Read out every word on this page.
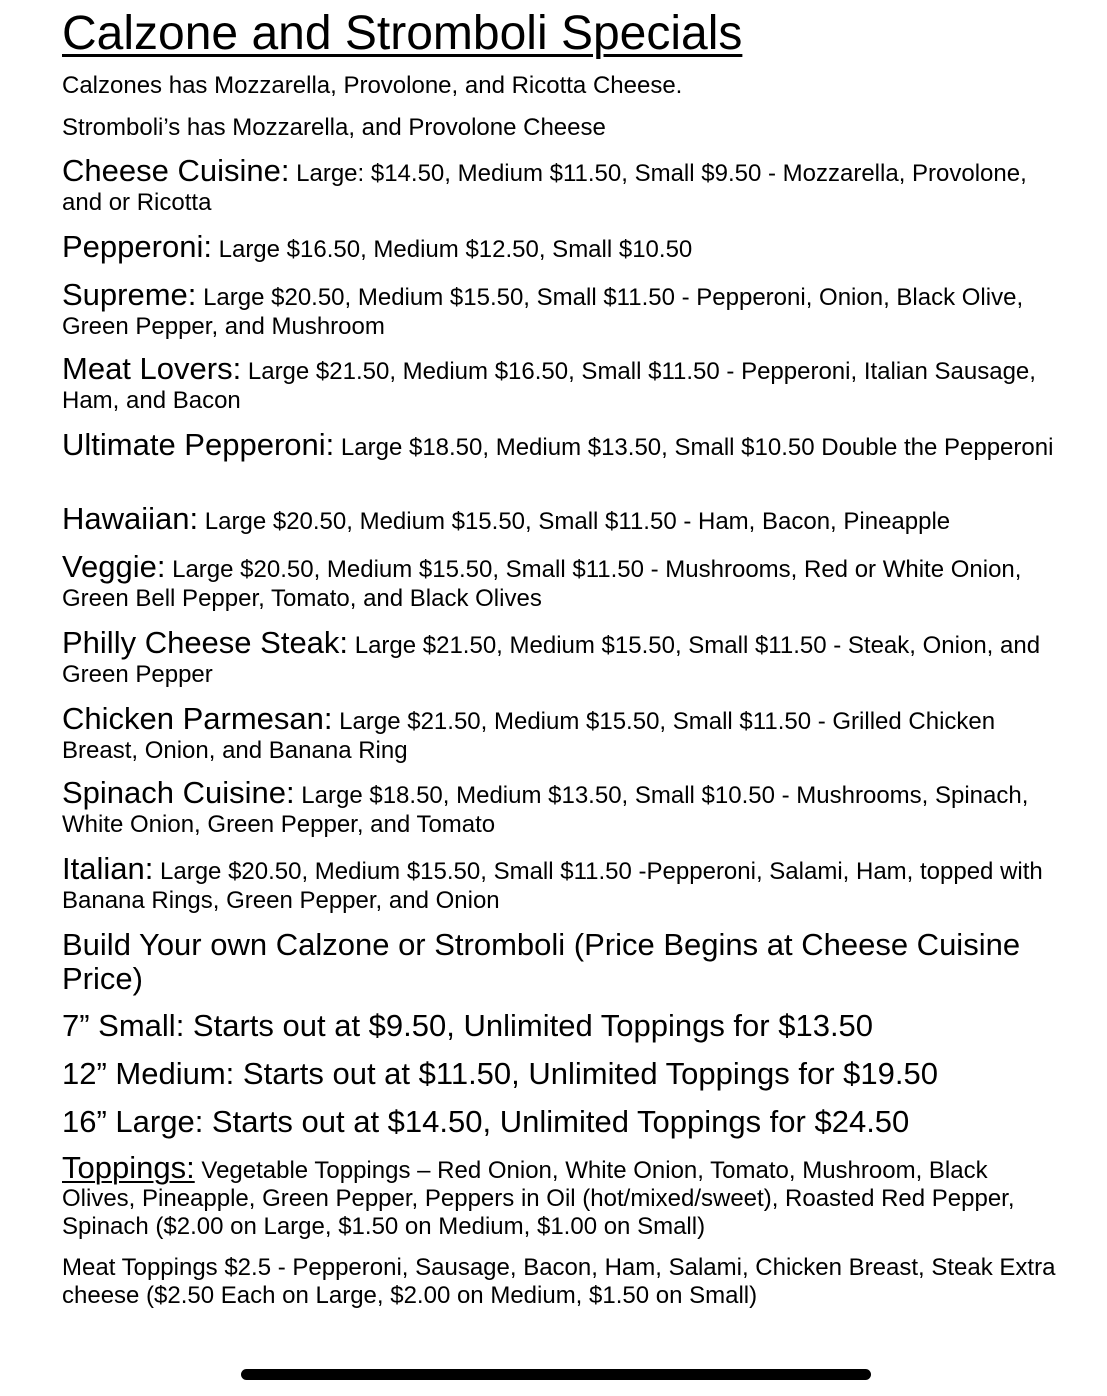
Calzone and Stromboli Specials
Calzones has Mozzarella, Provolone, and Ricotta Cheese.
Stromboli’s has Mozzarella, and Provolone Cheese
Cheese Cuisine: Large: $14.50, Medium $11.50, Small $9.50 - Mozzarella, Provolone, and or Ricotta
Pepperoni: Large $16.50, Medium $12.50, Small $10.50
Supreme: Large $20.50, Medium $15.50, Small $11.50 - Pepperoni, Onion, Black Olive, Green Pepper, and Mushroom
Meat Lovers: Large $21.50, Medium $16.50, Small $11.50 - Pepperoni, Italian Sausage, Ham, and Bacon
Ultimate Pepperoni: Large $18.50, Medium $13.50, Small $10.50 Double the Pepperoni
Hawaiian: Large $20.50, Medium $15.50, Small $11.50 - Ham, Bacon, Pineapple
Veggie: Large $20.50, Medium $15.50, Small $11.50 - Mushrooms, Red or White Onion, Green Bell Pepper, Tomato, and Black Olives
Philly Cheese Steak: Large $21.50, Medium $15.50, Small $11.50 - Steak, Onion, and Green Pepper
Chicken Parmesan: Large $21.50, Medium $15.50, Small $11.50 - Grilled Chicken Breast, Onion, and Banana Ring
Spinach Cuisine: Large $18.50, Medium $13.50, Small $10.50 - Mushrooms, Spinach, White Onion, Green Pepper, and Tomato
Italian: Large $20.50, Medium $15.50, Small $11.50 -Pepperoni, Salami, Ham, topped with Banana Rings, Green Pepper, and Onion
Build Your own Calzone or Stromboli (Price Begins at Cheese Cuisine Price)
7” Small: Starts out at $9.50, Unlimited Toppings for $13.50
12” Medium: Starts out at $11.50, Unlimited Toppings for $19.50
16” Large: Starts out at $14.50, Unlimited Toppings for $24.50
Toppings: Vegetable Toppings – Red Onion, White Onion, Tomato, Mushroom, Black Olives, Pineapple, Green Pepper, Peppers in Oil (hot/mixed/sweet), Roasted Red Pepper, Spinach ($2.00 on Large, $1.50 on Medium, $1.00 on Small)
Meat Toppings $2.5 - Pepperoni, Sausage, Bacon, Ham, Salami, Chicken Breast, Steak Extra cheese ($2.50 Each on Large, $2.00 on Medium, $1.50 on Small)
